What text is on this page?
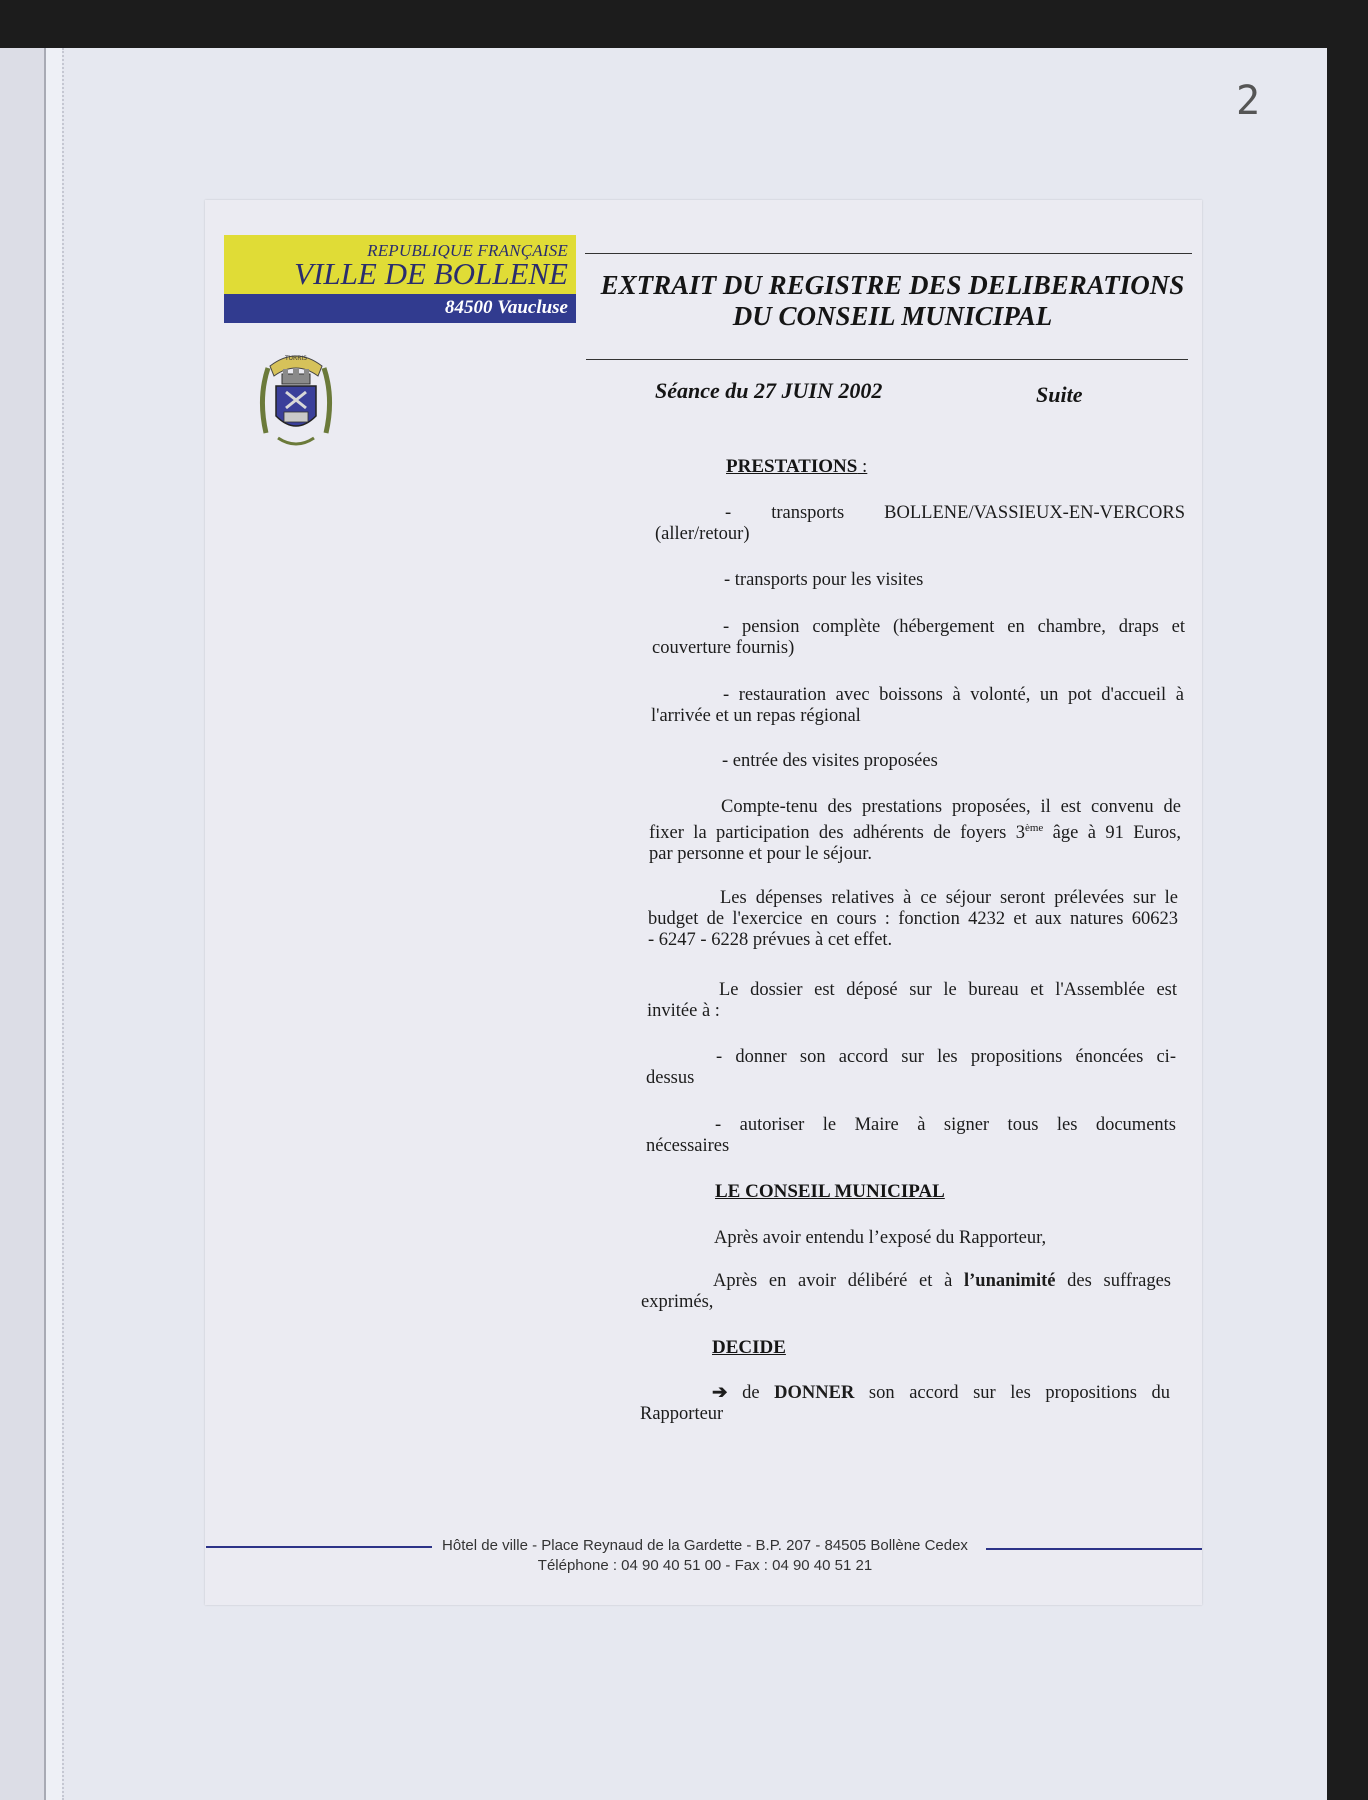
2
REPUBLIQUE FRANÇAISE
VILLE DE BOLLENE
84500 Vaucluse
TURRIS
EXTRAIT DU REGISTRE DES DELIBERATIONS
DU CONSEIL MUNICIPAL
Séance du 27 JUIN 2002	Suite
PRESTATIONS :
- transports BOLLENE/VASSIEUX-EN-VERCORS
(aller/retour)
- transports pour les visites
- pension complète (hébergement en chambre, draps et
couverture fournis)
- restauration avec boissons à volonté, un pot d'accueil à
l'arrivée et un repas régional
- entrée des visites proposées
Compte-tenu des prestations proposées, il est convenu de
fixer la participation des adhérents de foyers 3ème âge à 91 Euros,
par personne et pour le séjour.
Les dépenses relatives à ce séjour seront prélevées sur le
budget de l'exercice en cours : fonction 4232 et aux natures 60623
- 6247 - 6228 prévues à cet effet.
Le dossier est déposé sur le bureau et l'Assemblée est
invitée à :
- donner son accord sur les propositions énoncées ci-
dessus
- autoriser le Maire à signer tous les documents
nécessaires
LE CONSEIL MUNICIPAL
Après avoir entendu l’exposé du Rapporteur,
Après en avoir délibéré et à l’unanimité des suffrages
exprimés,
DECIDE
➔ de DONNER son accord sur les propositions du
Rapporteur
Hôtel de ville - Place Reynaud de la Gardette - B.P. 207 - 84505 Bollène Cedex
Téléphone : 04 90 40 51 00 - Fax : 04 90 40 51 21
